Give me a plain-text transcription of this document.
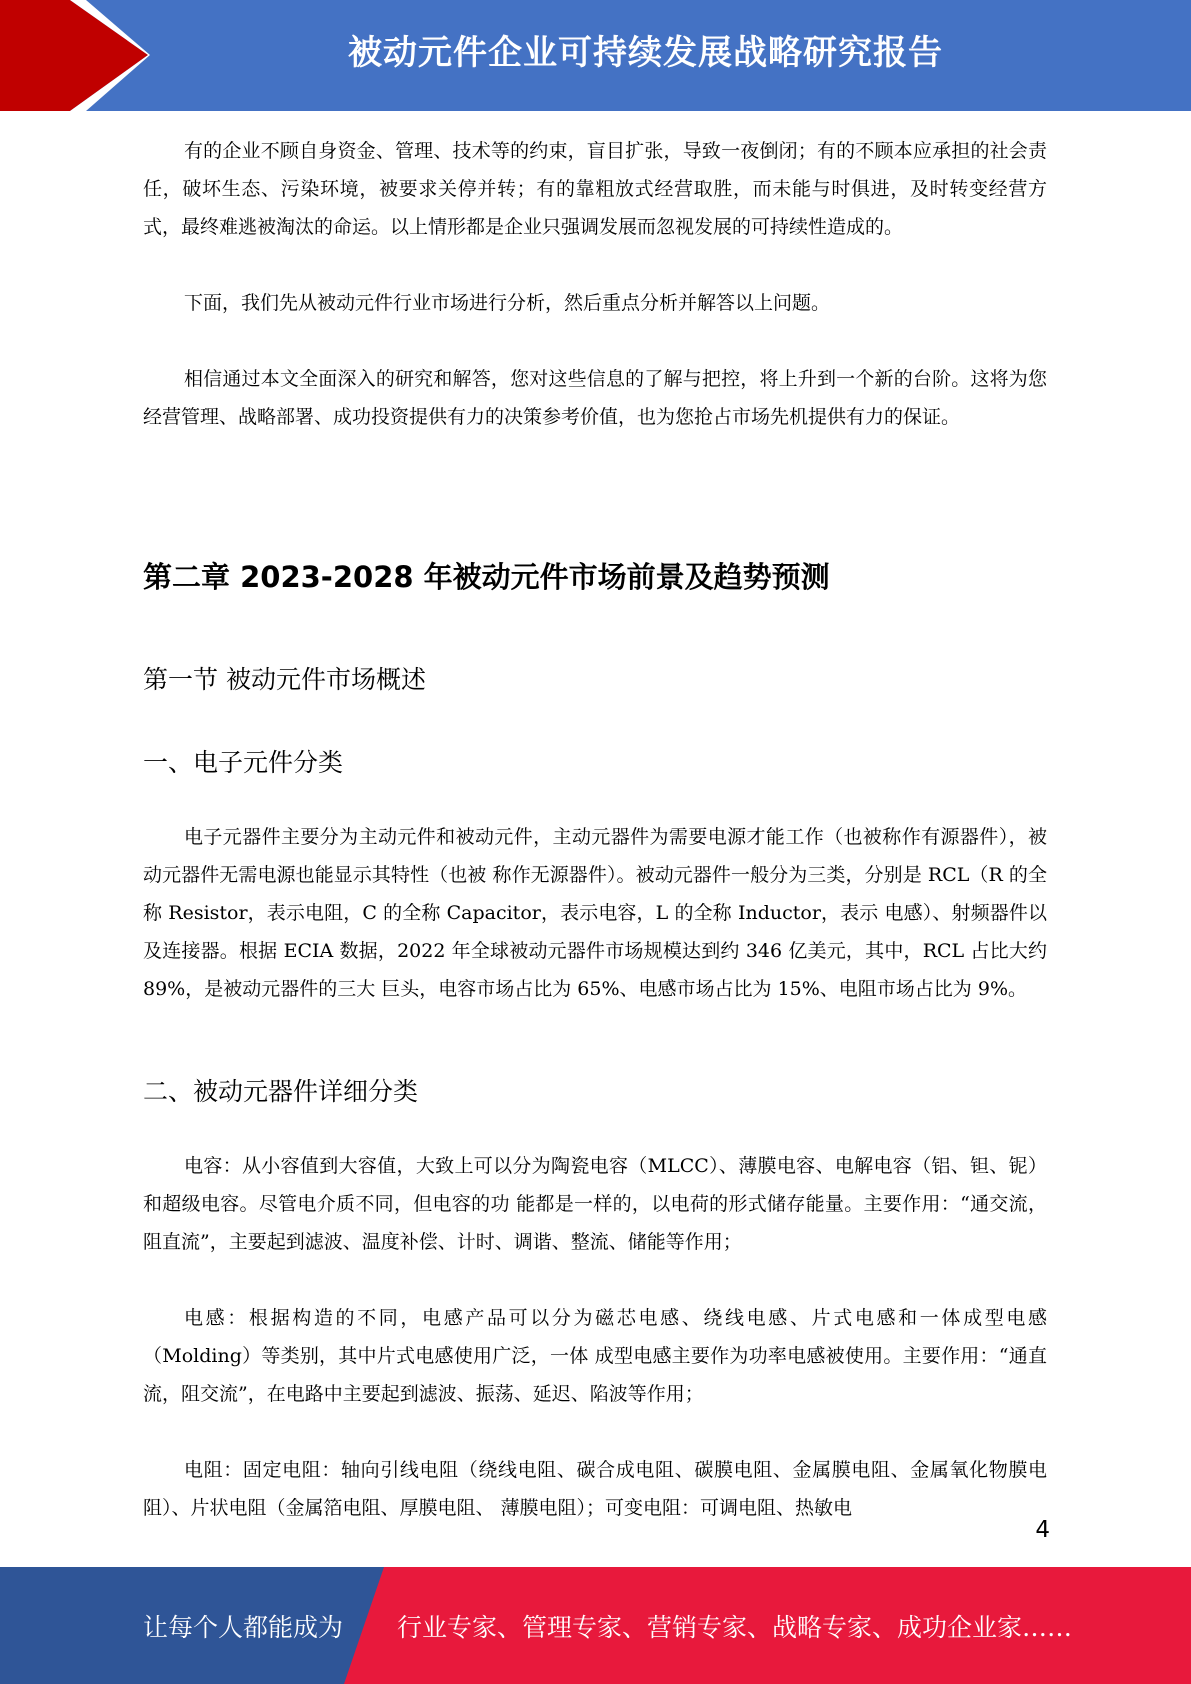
被动元件企业可持续发展战略研究报告

有的企业不顾自身资金、管理、技术等的约束，盲目扩张，导致一夜倒闭；有的不顾本应承担的社会责任，破坏生态、污染环境，被要求关停并转；有的靠粗放式经营取胜，而未能与时俱进，及时转变经营方式，最终难逃被淘汰的命运。以上情形都是企业只强调发展而忽视发展的可持续性造成的。

下面，我们先从被动元件行业市场进行分析，然后重点分析并解答以上问题。

相信通过本文全面深入的研究和解答，您对这些信息的了解与把控，将上升到一个新的台阶。这将为您经营管理、战略部署、成功投资提供有力的决策参考价值，也为您抢占市场先机提供有力的保证。

第二章 2023-2028 年被动元件市场前景及趋势预测
第一节 被动元件市场概述
一、电子元件分类

电子元器件主要分为主动元件和被动元件，主动元器件为需要电源才能工作（也被称作有源器件），被动元器件无需电源也能显示其特性（也被 称作无源器件）。被动元器件一般分为三类，分别是 RCL（R 的全称 Resistor，表示电阻，C 的全称 Capacitor，表示电容，L 的全称 Inductor，表示 电感）、射频器件以及连接器。根据 ECIA 数据，2022 年全球被动元器件市场规模达到约 346 亿美元，其中，RCL 占比大约 89%，是被动元器件的三大 巨头，电容市场占比为 65%、电感市场占比为 15%、电阻市场占比为 9%。

二、被动元器件详细分类

电容：从小容值到大容值，大致上可以分为陶瓷电容（MLCC）、薄膜电容、电解电容（铝、钽、铌）和超级电容。尽管电介质不同，但电容的功 能都是一样的，以电荷的形式储存能量。主要作用：“通交流，阻直流”，主要起到滤波、温度补偿、计时、调谐、整流、储能等作用；

电感：根据构造的不同，电感产品可以分为磁芯电感、绕线电感、片式电感和一体成型电感（Molding）等类别，其中片式电感使用广泛，一体 成型电感主要作为功率电感被使用。主要作用：“通直流，阻交流”，在电路中主要起到滤波、振荡、延迟、陷波等作用；

电阻：固定电阻：轴向引线电阻（绕线电阻、碳合成电阻、碳膜电阻、金属膜电阻、金属氧化物膜电阻）、片状电阻（金属箔电阻、厚膜电阻、 薄膜电阻）；可变电阻：可调电阻、热敏电

4
让每个人都能成为 行业专家、管理专家、营销专家、战略专家、成功企业家……
